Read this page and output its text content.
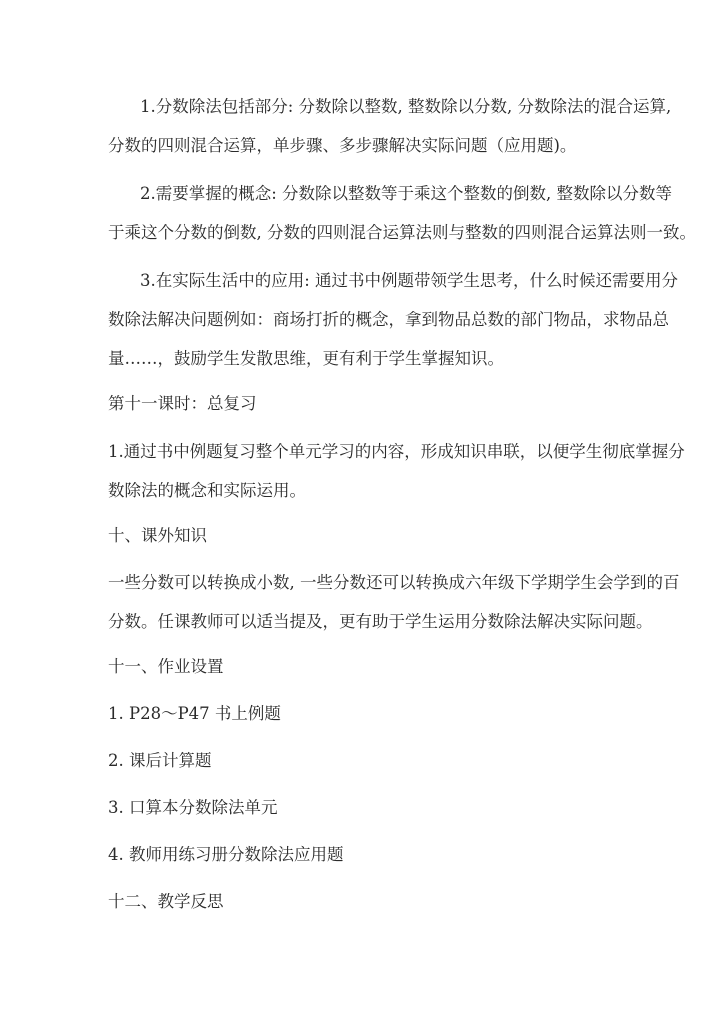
1.分数除法包括部分: 分数除以整数, 整数除以分数, 分数除法的混合运算,

分数的四则混合运算，单步骤、多步骤解决实际问题（应用题)。

2.需要掌握的概念: 分数除以整数等于乘这个整数的倒数, 整数除以分数等

于乘这个分数的倒数, 分数的四则混合运算法则与整数的四则混合运算法则一致。

3.在实际生活中的应用: 通过书中例题带领学生思考，什么时候还需要用分

数除法解决问题例如：商场打折的概念，拿到物品总数的部门物品，求物品总

量……，鼓励学生发散思维，更有利于学生掌握知识。

第十一课时：总复习

1.通过书中例题复习整个单元学习的内容，形成知识串联，以便学生彻底掌握分

数除法的概念和实际运用。

十、课外知识

一些分数可以转换成小数, 一些分数还可以转换成六年级下学期学生会学到的百

分数。任课教师可以适当提及，更有助于学生运用分数除法解决实际问题。

十一、作业设置

1. P28～P47 书上例题

2. 课后计算题

3. 口算本分数除法单元

4. 教师用练习册分数除法应用题

十二、教学反思
